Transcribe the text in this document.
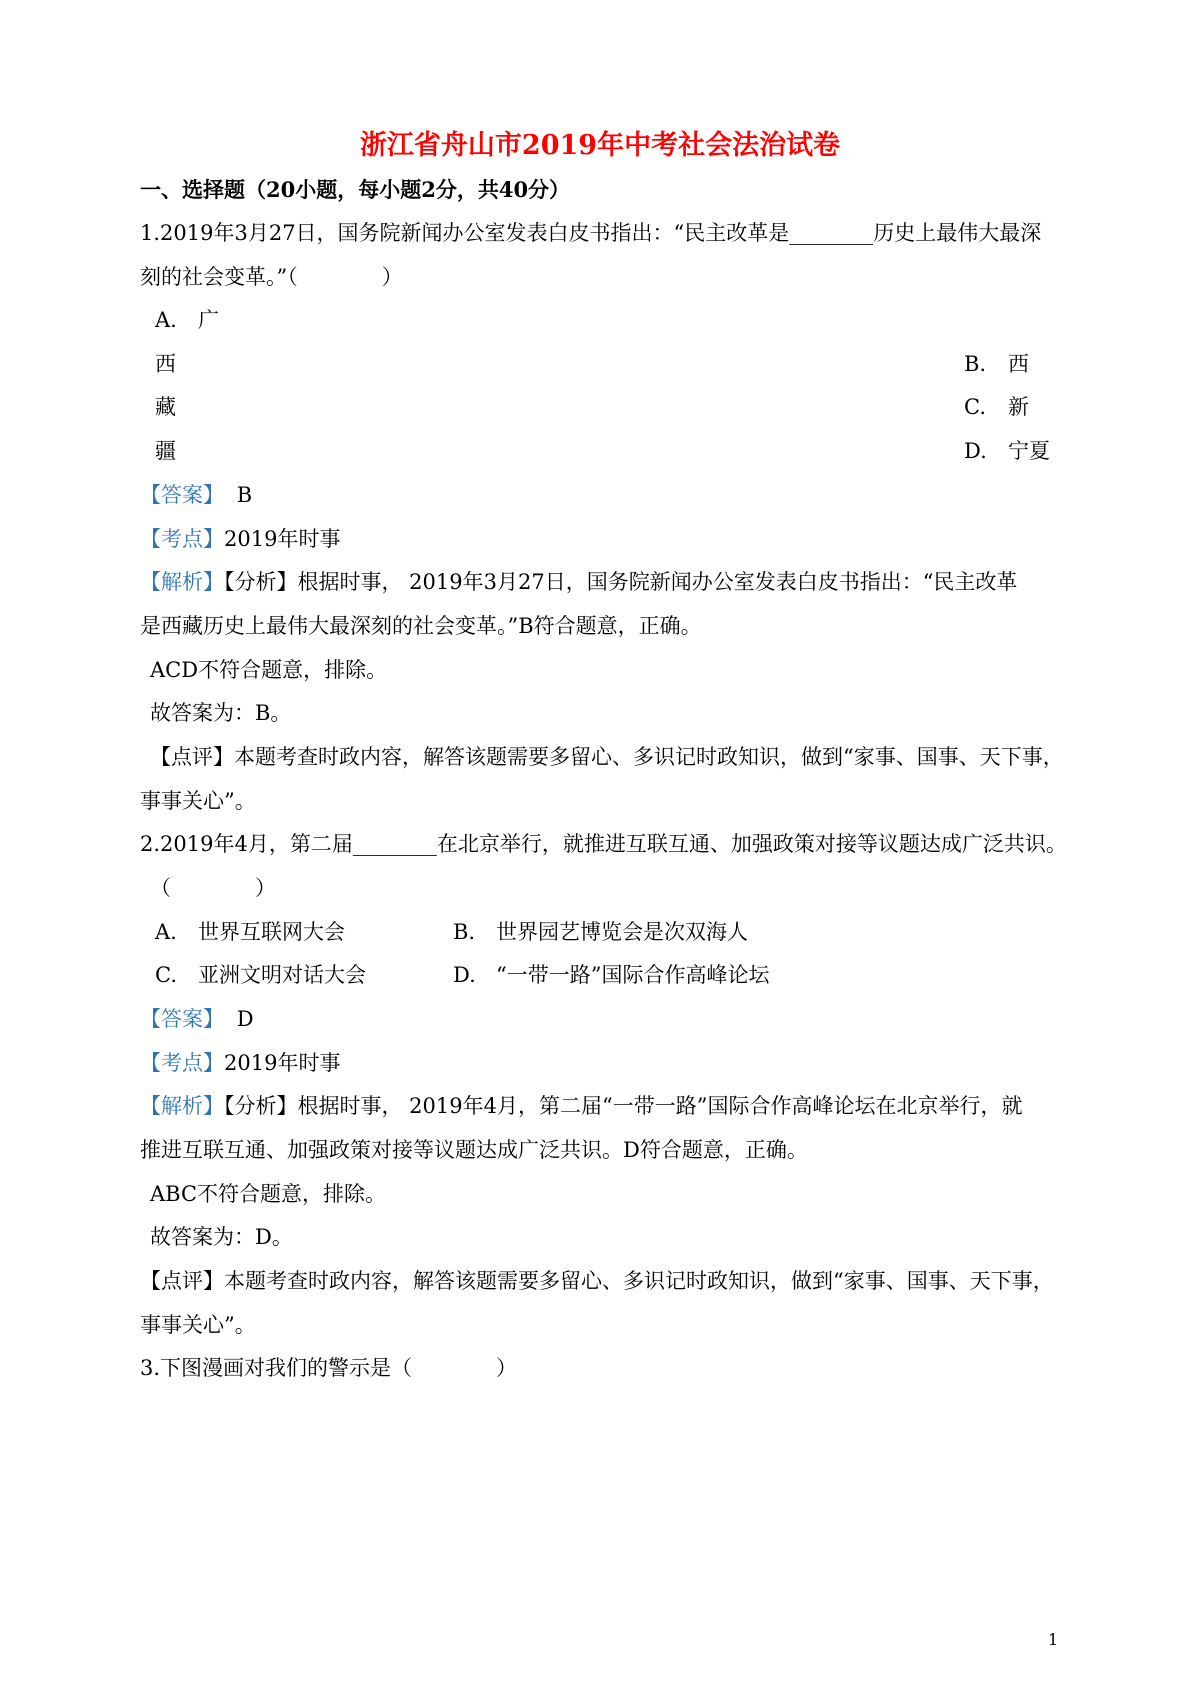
浙江省舟山市2019年中考社会法治试卷
一、选择题（20小题，每小题2分，共40分）
1.2019年3月27日，国务院新闻办公室发表白皮书指出：“民主改革是________历史上最伟大最深
刻的社会变革。”（　　　　）
A. 广
西
藏
疆
B. 西
C. 新
D. 宁夏
【答案】 B
【考点】2019年时事
【解析】【分析】根据时事， 2019年3月27日，国务院新闻办公室发表白皮书指出：“民主改革
是西藏历史上最伟大最深刻的社会变革。”B符合题意，正确。
ACD不符合题意，排除。
故答案为：B。
【点评】本题考查时政内容，解答该题需要多留心、多识记时政知识，做到“家事、国事、天下事，
事事关心”。
2.2019年4月，第二届________在北京举行，就推进互联互通、加强政策对接等议题达成广泛共识。
（　　　　）
A. 世界互联网大会	B. 世界园艺博览会是次双海人
C. 亚洲文明对话大会	D. “一带一路”国际合作高峰论坛
【答案】 D
【考点】2019年时事
【解析】【分析】根据时事， 2019年4月，第二届“一带一路”国际合作高峰论坛在北京举行，就
推进互联互通、加强政策对接等议题达成广泛共识。D符合题意，正确。
ABC不符合题意，排除。
故答案为：D。
【点评】本题考查时政内容，解答该题需要多留心、多识记时政知识，做到“家事、国事、天下事，
事事关心”。
3.下图漫画对我们的警示是（　　　　）
1
